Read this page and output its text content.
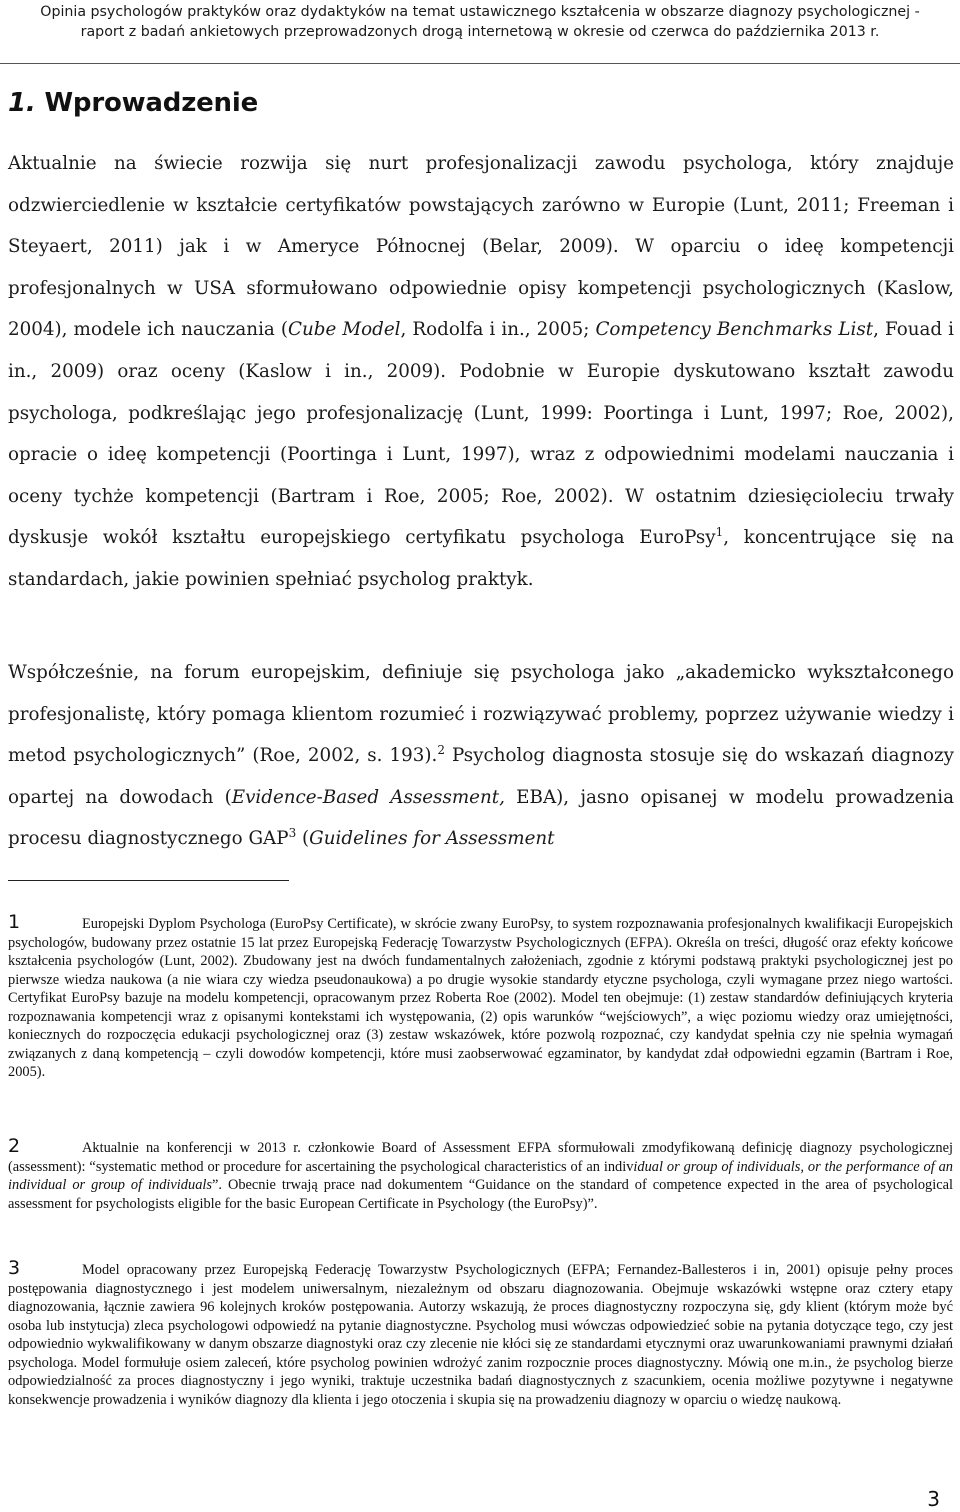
Opinia psychologów praktyków oraz dydaktyków na temat ustawicznego kształcenia w obszarze diagnozy psychologicznej -
raport z badań ankietowych przeprowadzonych drogą internetową w okresie od czerwca do października 2013 r.
1. Wprowadzenie

Aktualnie na świecie rozwija się nurt profesjonalizacji zawodu psychologa, który znajduje odzwierciedlenie w kształcie certyfikatów powstających zarówno w Europie (Lunt, 2011; Freeman i Steyaert, 2011) jak i w Ameryce Północnej (Belar, 2009). W oparciu o ideę kompetencji profesjonalnych w USA sformułowano odpowiednie opisy kompetencji psychologicznych (Kaslow, 2004), modele ich nauczania (Cube Model, Rodolfa i in., 2005; Competency Benchmarks List, Fouad i in., 2009) oraz oceny (Kaslow i in., 2009). Podobnie w Europie dyskutowano kształt zawodu psychologa, podkreślając jego profesjonalizację (Lunt, 1999: Poortinga i Lunt, 1997; Roe, 2002), opracie o ideę kompetencji (Poortinga i Lunt, 1997), wraz z odpowiednimi modelami nauczania i oceny tychże kompetencji (Bartram i Roe, 2005; Roe, 2002). W ostatnim dziesięcioleciu trwały dyskusje wokół kształtu europejskiego certyfikatu psychologa EuroPsy$^1$, koncentrujące się na standardach, jakie powinien spełniać psycholog praktyk.

Współcześnie, na forum europejskim, definiuje się psychologa jako „akademicko wykształconego profesjonalistę, który pomaga klientom rozumieć i rozwiązywać problemy, poprzez używanie wiedzy i metod psychologicznych” (Roe, 2002, s. 193).$^2$ Psycholog diagnosta stosuje się do wskazań diagnozy opartej na dowodach (Evidence-Based Assessment, EBA), jasno opisanej w modelu prowadzenia procesu diagnostycznego GAP$^3$ (Guidelines for Assessment

1	Europejski Dyplom Psychologa (EuroPsy Certificate), w skrócie zwany EuroPsy, to system rozpoznawania profesjonalnych kwalifikacji Europejskich psychologów, budowany przez ostatnie 15 lat przez Europejską Federację Towarzystw Psychologicznych (EFPA). Określa on treści, długość oraz efekty końcowe kształcenia psychologów (Lunt, 2002). Zbudowany jest na dwóch fundamentalnych założeniach, zgodnie z którymi podstawą praktyki psychologicznej jest po pierwsze wiedza naukowa (a nie wiara czy wiedza pseudonaukowa) a po drugie wysokie standardy etyczne psychologa, czyli wymagane przez niego wartości. Certyfikat EuroPsy bazuje na modelu kompetencji, opracowanym przez Roberta Roe (2002). Model ten obejmuje: (1) zestaw standardów definiujących kryteria rozpoznawania kompetencji wraz z opisanymi kontekstami ich występowania, (2) opis warunków “wejściowych”, a więc poziomu wiedzy oraz umiejętności, koniecznych do rozpoczęcia edukacji psychologicznej oraz (3) zestaw wskazówek, które pozwolą rozpoznać, czy kandydat spełnia czy nie spełnia wymagań związanych z daną kompetencją – czyli dowodów kompetencji, które musi zaobserwować egzaminator, by kandydat zdał odpowiedni egzamin (Bartram i Roe, 2005).

2	Aktualnie na konferencji w 2013 r. członkowie Board of Assessment EFPA sformułowali zmodyfikowaną definicję diagnozy psychologicznej (assessment): “systematic method or procedure for ascertaining the psychological characteristics of an individual or group of individuals, or the performance of an individual or group of individuals”. Obecnie trwają prace nad dokumentem “Guidance on the standard of competence expected in the area of psychological assessment for psychologists eligible for the basic European Certificate in Psychology (the EuroPsy)”.

3	Model opracowany przez Europejską Federację Towarzystw Psychologicznych (EFPA; Fernandez-Ballesteros i in, 2001) opisuje pełny proces postępowania diagnostycznego i jest modelem uniwersalnym, niezależnym od obszaru diagnozowania. Obejmuje wskazówki wstępne oraz cztery etapy diagnozowania, łącznie zawiera 96 kolejnych kroków postępowania. Autorzy wskazują, że proces diagnostyczny rozpoczyna się, gdy klient (którym może być osoba lub instytucja) zleca psychologowi odpowiedź na pytanie diagnostyczne. Psycholog musi wówczas odpowiedzieć sobie na pytania dotyczące tego, czy jest odpowiednio wykwalifikowany w danym obszarze diagnostyki oraz czy zlecenie nie kłóci się ze standardami etycznymi oraz uwarunkowaniami prawnymi działań psychologa. Model formułuje osiem zaleceń, które psycholog powinien wdrożyć zanim rozpocznie proces diagnostyczny. Mówią one m.in., że psycholog bierze odpowiedzialność za proces diagnostyczny i jego wyniki, traktuje uczestnika badań diagnostycznych z szacunkiem, ocenia możliwe pozytywne i negatywne konsekwencje prowadzenia i wyników diagnozy dla klienta i jego otoczenia i skupia się na prowadzeniu diagnozy w oparciu o wiedzę naukową.

3
